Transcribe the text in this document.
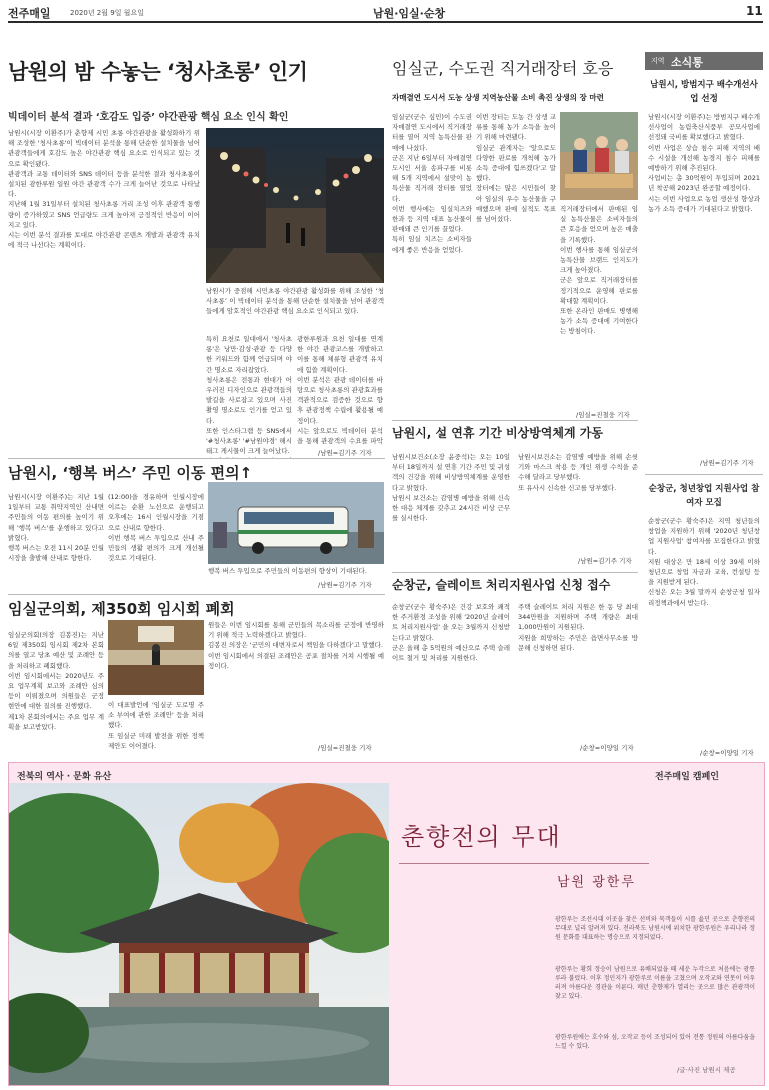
전주매일	2020년 2월 9일 월요일	남원·임실·순창	11
남원의 밤 수놓는 ‘청사초롱’ 인기
빅데이터 분석 결과 ‘호감도 입증’ 야간관광 핵심 요소 인식 확인
남원시가 중점해 시민초롱 야간관광 활성화를 위해 조성한 ‘청사초롱’ 이 빅데이터 분석을 통해 단순한 설치물을 넘어 관광객 들에게 암호적인 야간관광 핵심 요소로 인식되고 있다.
남원시(시장 이환주)가 춘향제 시민 초롱 야간관광을 활성화하기 위해 조성한 '청사초롱'이 빅데이터 분석을 통해 단순한 설치물을 넘어 관광객들에게 호감도 높은 야간관광 핵심 요소로 인식되고 있는 것으로 확인됐다.
관광객과 교통 데이터와 SNS 데이터 등을 분석한 결과 청사초롱이 설치된 광한루원 일원 야간 관광객 수가 크게 늘어난 것으로 나타났다.
지난해 1월 31일부터 설치된 청사초롱 거리 조성 이후 관광객 통행량이 증가하였고 SNS 언급량도 크게 높아져 긍정적인 반응이 이어지고 있다.
시는 이번 분석 결과를 토대로 야간관광 콘텐츠 개발과 관광객 유치에 적극 나선다는 계획이다.
특히 요천로 일대에서 '청사초롱'은 낭만·감성·관광 등 다양한 키워드와 함께 언급되며 야간 명소로 자리잡았다.
청사초롱은 전통과 현대가 어우러진 디자인으로 관광객들의 발길을 사로잡고 있으며 사진 촬영 명소로도 인기를 얻고 있다.
또한 인스타그램 등 SNS에서 '#청사초롱' '#남원야경' 해시태그 게시물이 크게 늘어났다.

광한루원과 요천 일대를 연계한 야간 관광코스를 개발하고 이를 통해 체류형 관광객 유치에 힘쓸 계획이다.
이번 분석은 관광 데이터를 바탕으로 청사초롱의 관광효과를 객관적으로 검증한 것으로 향후 관광정책 수립에 활용될 예정이다.
시는 앞으로도 빅데이터 분석을 통해 관광객의 수요를 파악
/남원=김기주 기자
남원시, ‘행복 버스’ 주민 이동 편의↑
남원시(시장 이환주)는 지난 1월 1일부터 교통 취약지역인 산내면 주민들의 이동 편의를 높이기 위해 '행복 버스'를 운행하고 있다고 밝혔다.
행복 버스는 오전 11시 20분 인월시장을 출발해 산내로 향한다.
(12:00)을 경유하며 인월시장에 이르는 순환 노선으로 운행되고 오후에는 16시 인월시장을 기점으로 산내로 향한다.
이번 행복 버스 투입으로 산내 주민들의 생활 편의가 크게 개선될 것으로 기대된다.
행복 버스 투입으로 주민들의 이동편의 향상이 기대된다.
/남원=김기주 기자
임실군의회, 제350회 임시회 폐회
임실군의회(의장 김봉진)는 지난 6일 제350회 임시회 제2차 본회의를 열고 당초 예산 및 조례안 등을 처리하고 폐회했다.
이번 임시회에서는 2020년도 주요 업무계획 보고와 조례안 심의 등이 이뤄졌으며 의원들은 군정 현안에 대한 질의를 진행했다.
제1차 본회의에서는 주요 업무 계획을 보고받았다.
이 대표발언에 '임실군 도로명 주소 부여에 관한 조례안' 등을 처리했다.
또 임실군 미래 발전을 위한 정책 제안도 이어졌다.
원들은 이번 임시회를 통해 군민들의 목소리를 군정에 반영하기 위해 적극 노력하겠다고 밝혔다.
김봉진 의장은 '군민의 대변자로서 책임을 다하겠다'고 말했다.
이번 임시회에서 의결된 조례안은 공포 절차를 거쳐 시행될 예정이다.
/임실=진철웅 기자
임실군, 수도권 직거래장터 호응
자매결연 도시서 도농 상생 지역농산물 소비 촉진 상생의 장 마련
임실군(군수 심민)이 수도권 자매결연 도시에서 직거래장터를 열어 지역 농특산물 판매에 나섰다.
군은 지난 6일부터 자매결연 도시인 서울 송파구를 비롯해 5개 지역에서 설맞이 농특산물 직거래 장터를 열었다.
이번 행사에는 임실치즈와 한과 등 지역 대표 농산물이 판매돼 큰 인기를 끌었다.
특히 임실 치즈는 소비자들에게 좋은 반응을 얻었다.
이번 장터는 도농 간 상생 교류를 통해 농가 소득을 높이기 위해 마련됐다.
임실군 관계자는 '앞으로도 다양한 판로를 개척해 농가 소득 증대에 힘쓰겠다'고 말했다.
장터에는 많은 시민들이 찾아 임실의 우수 농산물을 구매했으며 판매 실적도 목표를 넘어섰다.
직거래장터에서 판매된 임실 농특산물은 소비자들의 큰 호응을 얻으며 높은 매출을 기록했다.
이번 행사를 통해 임실군의 농특산물 브랜드 인지도가 크게 높아졌다.
군은 앞으로 직거래장터를 정기적으로 운영해 판로를 확대할 계획이다.
또한 온라인 판매도 병행해 농가 소득 증대에 기여한다는 방침이다.
/임실=진철웅 기자
남원시, 설 연휴 기간 비상방역체계 가동
남원시보건소(소장 윤중석)는 오는 10일부터 18일까지 설 연휴 기간 주민 및 귀성객의 건강을 위해 비상방역체계를 운영한다고 밝혔다.
남원시 보건소는 감염병 예방을 위해 신속한 대응 체계를 갖추고 24시간 비상 근무를 실시한다.
남원시보건소는 감염병 예방을 위해 손씻기와 마스크 착용 등 개인 위생 수칙을 준수해 달라고 당부했다.
또 유사시 신속한 신고를 당부했다.
/남원=김기주 기자
순창군, 슬레이트 처리지원사업 신청 접수
순창군(군수 황숙주)은 건강 보호와 쾌적한 주거환경 조성을 위해 '2020년 슬레이트 처리지원사업' 을 오는 3월까지 신청받는다고 밝혔다.
군은 올해 총 5억원의 예산으로 주택 슬레이트 철거 및 처리를 지원한다.
주택 슬레이트 처리 지원은 한 동 당 최대 344만원을 지원하며 주택 개량은 최대 1,000만원이 지원된다.
지원을 희망하는 주민은 읍면사무소를 방문해 신청하면 된다.
/순창=이양일 기자
지역 소식통
남원시, 방범지구 배수개선사업 선정
남원시(시장 이환주)는 방범지구 배수개선사업이 농림축산식품부 공모사업에 선정돼 국비를 확보했다고 밝혔다.
이번 사업은 상습 침수 피해 지역의 배수 시설을 개선해 농경지 침수 피해를 예방하기 위해 추진된다.
사업비는 총 30억원이 투입되며 2021년 착공해 2023년 완공할 예정이다.
시는 이번 사업으로 농업 생산성 향상과 농가 소득 증대가 기대된다고 밝혔다.
/남원=김기주 기자
순창군, 청년창업 지원사업 참여자 모집
순창군(군수 황숙주)은 지역 청년들의 창업을 지원하기 위해 '2020년 청년창업 지원사업' 참여자를 모집한다고 밝혔다.
지원 대상은 만 18세 이상 39세 이하 청년으로 창업 자금과 교육, 컨설팅 등을 지원받게 된다.
신청은 오는 3월 말까지 순창군청 일자리정책과에서 받는다.
/순창=이양일 기자
전북의 역사 · 문화 유산	전주매일 캠페인
춘향전의 무대
남원 광한루
광한루는 조선시대 이곳을 찾은 선비와 묵객들이 시를 읊던 곳으로 춘향전의 무대로 널리 알려져 있다. 전라북도 남원시에 위치한 광한루원은 우리나라 정원 문화를 대표하는 명승으로 지정되었다.
광한루는 황희 정승이 남원으로 유배되었을 때 세운 누각으로 처음에는 광통루라 불렀다. 이후 정인지가 광한루로 이름을 고쳤으며 오작교와 연못이 어우러져 아름다운 경관을 이룬다. 매년 춘향제가 열리는 곳으로 많은 관광객이 찾고 있다.
광한루원에는 호수와 섬, 오작교 등이 조성되어 있어 전통 정원의 아름다움을 느낄 수 있다.
/글·사진 남원시 제공
